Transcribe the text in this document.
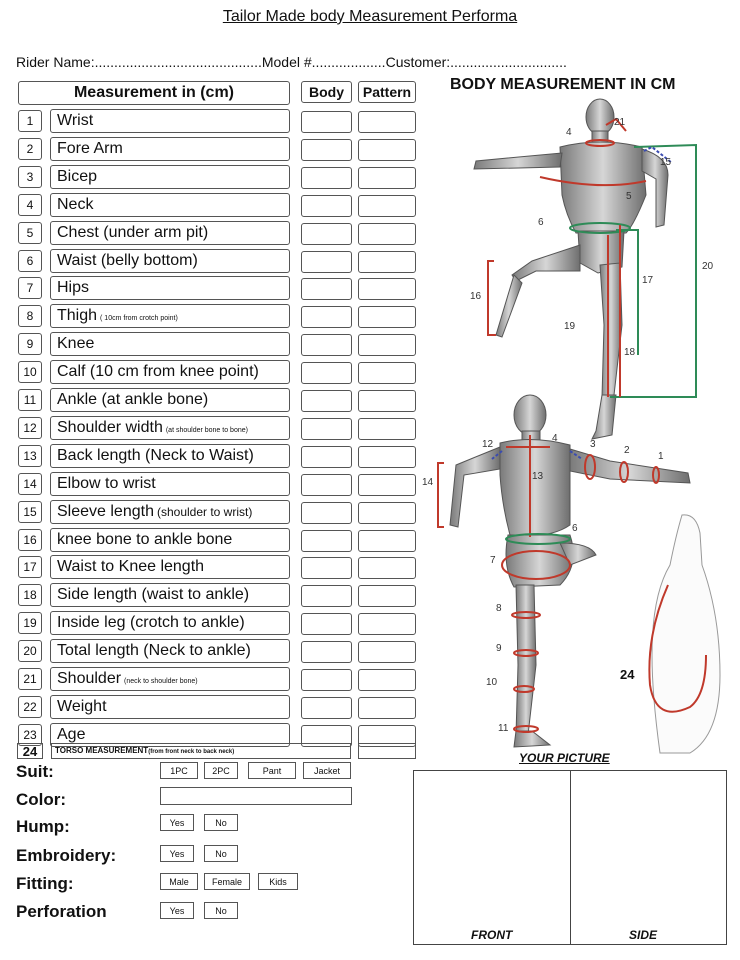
Tailor Made body Measurement Performa
Rider Name:...........................................Model #...................Customer:..............................
Measurement in (cm)	Body	Pattern
1	Wrist
2	Fore Arm
3	Bicep
4	Neck
5	Chest (under arm pit)
6	Waist (belly bottom)
7	Hips
8	Thigh ( 10cm from crotch point)
9	Knee
10	Calf (10 cm from knee point)
11	Ankle (at ankle bone)
12	Shoulder width (at shoulder bone to bone)
13	Back length (Neck to Waist)
14	Elbow to wrist
15	Sleeve length (shoulder to wrist)
16	knee bone to ankle bone
17	Waist to Knee length
18	Side length (waist to ankle)
19	Inside leg (crotch to ankle)
20	Total length (Neck to ankle)
21	Shoulder (neck to shoulder bone)
22	Weight
23	Age
24	TORSO MEASUREMENT(from front neck to back neck)
Suit:	1PC	2PC	Pant	Jacket
Color:
Hump:	Yes	No
Embroidery:	Yes	No
Fitting:	Male	Female	Kids
Perforation	Yes	No
BODY MEASUREMENT IN CM
21
4
15
5
6
20
17
16
19
18
12
4
3
2
1
14
13
6
7
8
9
10
11
24
YOUR PICTURE
FRONT	SIDE
